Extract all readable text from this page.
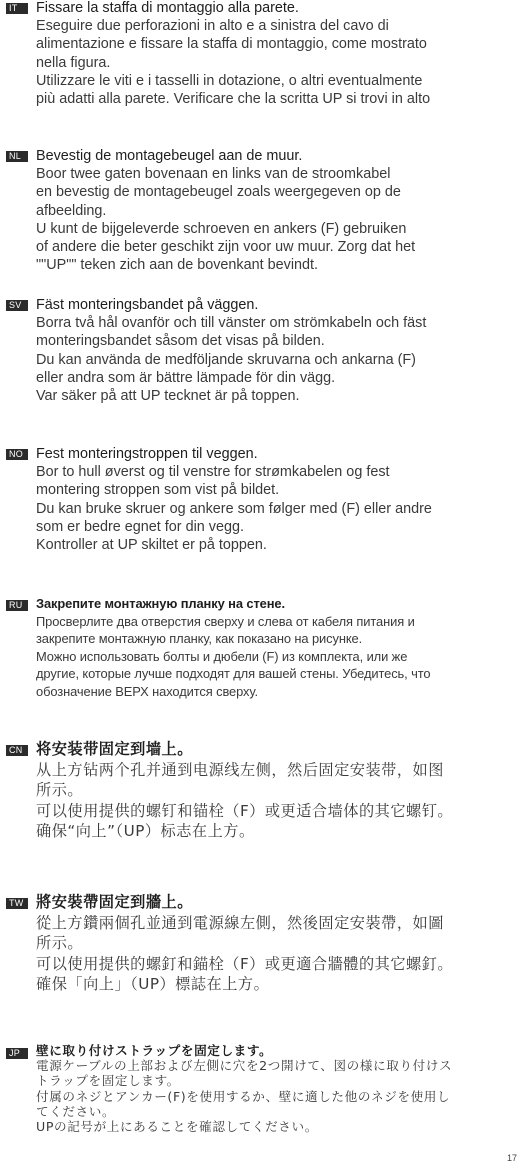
IT	Fissare la staffa di montaggio alla parete.

Eseguire due perforazioni in alto e a sinistra del cavo di

alimentazione e fissare la staffa di montaggio, come mostrato

nella figura.

Utilizzare le viti e i tasselli in dotazione, o altri eventualmente

più adatti alla parete. Verificare che la scritta UP si trovi in alto

NL	Bevestig de montagebeugel aan de muur.

Boor twee gaten bovenaan en links van de stroomkabel

en bevestig de montagebeugel zoals weergegeven op de

afbeelding.

U kunt de bijgeleverde schroeven en ankers (F) gebruiken

of andere die beter geschikt zijn voor uw muur. Zorg dat het

""UP"" teken zich aan de bovenkant bevindt.

SV	Fäst monteringsbandet på väggen.

Borra två hål ovanför och till vänster om strömkabeln och fäst

monteringsbandet såsom det visas på bilden.

Du kan använda de medföljande skruvarna och ankarna (F)

eller andra som är bättre lämpade för din vägg.

Var säker på att UP tecknet är på toppen.

NO Fest monteringstroppen til veggen.

Bor to hull øverst og til venstre for strømkabelen og fest

montering stroppen som vist på bildet.

Du kan bruke skruer og ankere som følger med (F) eller andre

som er bedre egnet for din vegg.

Kontroller at UP skiltet er på toppen.

RU	Закрепите монтажную планку на стене.

Просверлите два отверстия сверху и слева от кабеля питания и

закрепите монтажную планку, как показано на рисунке.

Можно использовать болты и дюбели (F) из комплекта, или же

другие, которые лучше подходят для вашей стены. Убедитесь, что

обозначение ВЕРХ находится сверху.

CN 将安装带固定到墙上。

从上方钻两个孔并通到电源线左侧，然后固定安装带，如图

所示。

可以使用提供的螺钉和锚栓（F）或更适合墙体的其它螺钉。

确保“向上”（UP）标志在上方。

TW 將安裝帶固定到牆上。

從上方鑽兩個孔並通到電源線左側，然後固定安裝帶，如圖

所示。

可以使用提供的螺釘和錨栓（F）或更適合牆體的其它螺釘。

確保「向上」（UP）標誌在上方。

JP	壁に取り付けストラップを固定します。

電源ケーブルの上部および左側に穴を2つ開けて、図の様に取り付けス

トラップを固定します。

付属のネジとアンカー(F)を使用するか、壁に適した他のネジを使用し

てください。

UPの記号が上にあることを確認してください。

17
